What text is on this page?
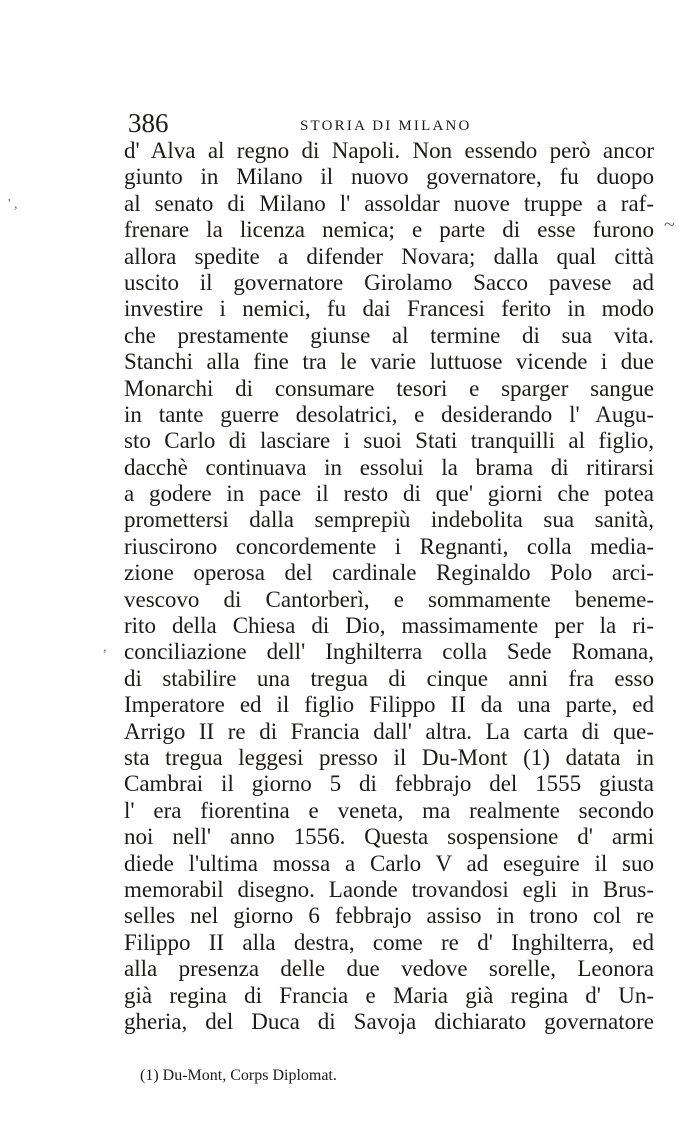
386	STORIA DI MILANO
d' Alva al regno di Napoli. Non essendo però ancor
giunto in Milano il nuovo governatore, fu duopo
al senato di Milano l' assoldar nuove truppe a raf-
frenare la licenza nemica; e parte di esse furono
allora spedite a difender Novara; dalla qual città
uscito il governatore Girolamo Sacco pavese ad
investire i nemici, fu dai Francesi ferito in modo
che prestamente giunse al termine di sua vita.
Stanchi alla fine tra le varie luttuose vicende i due
Monarchi di consumare tesori e sparger sangue
in tante guerre desolatrici, e desiderando l' Augu-
sto Carlo di lasciare i suoi Stati tranquilli al figlio,
dacchè continuava in essolui la brama di ritirarsi
a godere in pace il resto di que' giorni che potea
promettersi dalla semprepiù indebolita sua sanità,
riuscirono concordemente i Regnanti, colla media-
zione operosa del cardinale Reginaldo Polo arci-
vescovo di Cantorberì, e sommamente beneme-
rito della Chiesa di Dio, massimamente per la ri-
conciliazione dell' Inghilterra colla Sede Romana,
di stabilire una tregua di cinque anni fra esso
Imperatore ed il figlio Filippo II da una parte, ed
Arrigo II re di Francia dall' altra. La carta di que-
sta tregua leggesi presso il Du-Mont (1) datata in
Cambrai il giorno 5 di febbrajo del 1555 giusta
l' era fiorentina e veneta, ma realmente secondo
noi nell' anno 1556. Questa sospensione d' armi
diede l'ultima mossa a Carlo V ad eseguire il suo
memorabil disegno. Laonde trovandosi egli in Brus-
selles nel giorno 6 febbrajo assiso in trono col re
Filippo II alla destra, come re d' Inghilterra, ed
alla presenza delle due vedove sorelle, Leonora
già regina di Francia e Maria già regina d' Un-
gheria, del Duca di Savoja dichiarato governatore
(1) Du-Mont, Corps Diplomat.
' ,
~
,
